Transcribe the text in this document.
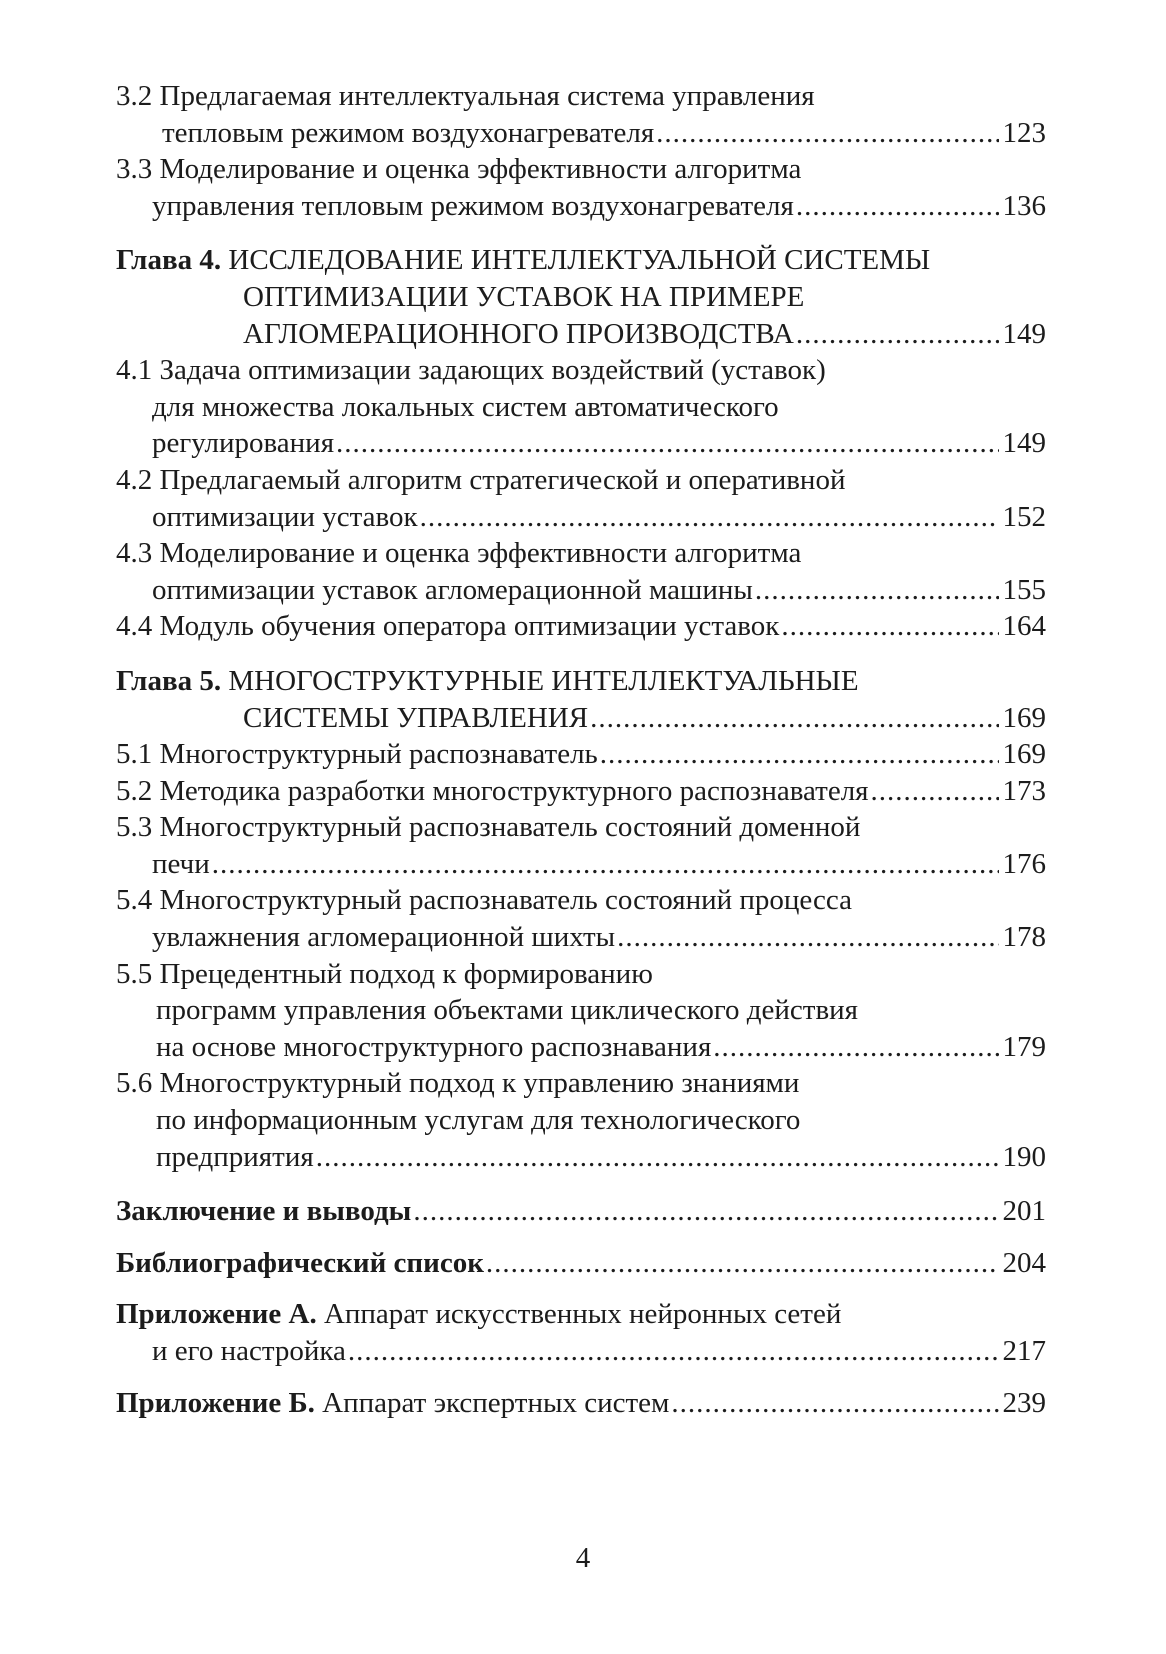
3.2 Предлагаемая интеллектуальная система управления
тепловым режимом воздухонагревателя .....	123
3.3 Моделирование и оценка эффективности алгоритма
управления тепловым режимом воздухонагревателя .....	136
Глава 4. ИССЛЕДОВАНИЕ ИНТЕЛЛЕКТУАЛЬНОЙ СИСТЕМЫ
ОПТИМИЗАЦИИ УСТАВОК НА ПРИМЕРЕ
АГЛОМЕРАЦИОННОГО ПРОИЗВОДСТВА .....	149
4.1 Задача оптимизации задающих воздействий (уставок)
для множества локальных систем автоматического
регулирования .....	149
4.2 Предлагаемый алгоритм стратегической и оперативной
оптимизации уставок .....	152
4.3 Моделирование и оценка эффективности алгоритма
оптимизации уставок агломерационной машины .....	155
4.4 Модуль обучения оператора оптимизации уставок .....	164
Глава 5. МНОГОСТРУКТУРНЫЕ ИНТЕЛЛЕКТУАЛЬНЫЕ
СИСТЕМЫ УПРАВЛЕНИЯ .....	169
5.1 Многоструктурный распознаватель .....	169
5.2 Методика разработки многоструктурного распознавателя .....	173
5.3 Многоструктурный распознаватель состояний доменной
печи .....	176
5.4 Многоструктурный распознаватель состояний процесса
увлажнения агломерационной шихты .....	178
5.5 Прецедентный подход к формированию
программ управления объектами циклического действия
на основе многоструктурного распознавания .....	179
5.6 Многоструктурный подход к управлению знаниями
по информационным услугам для технологического
предприятия .....	190
Заключение и выводы .....	201
Библиографический список .....	204
Приложение А. Аппарат искусственных нейронных сетей
и его настройка .....	217
Приложение Б. Аппарат экспертных систем .....	239
4
